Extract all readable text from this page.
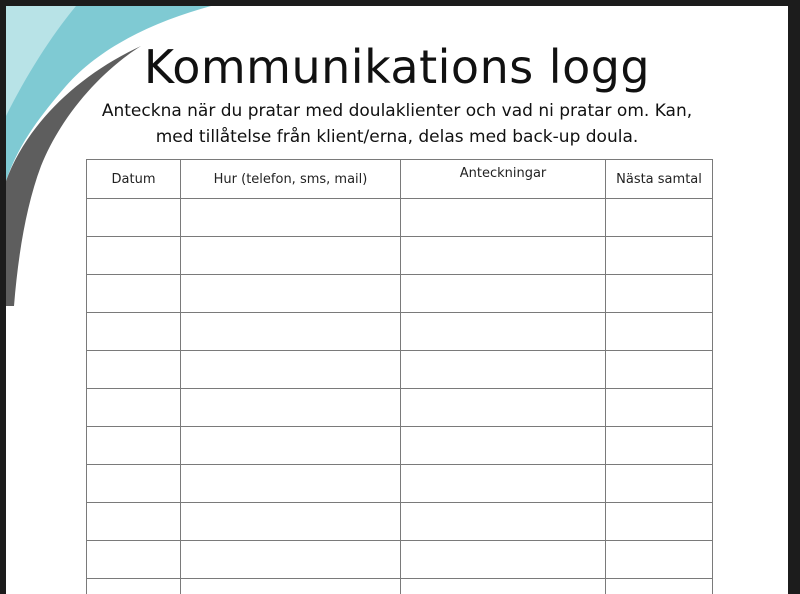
Kommunikations logg
Anteckna när du pratar med doulaklienter och vad ni pratar om. Kan,
med tillåtelse från klient/erna, delas med back-up doula.
Datum	Hur (telefon, sms, mail)	Anteckningar	Nästa samtal
